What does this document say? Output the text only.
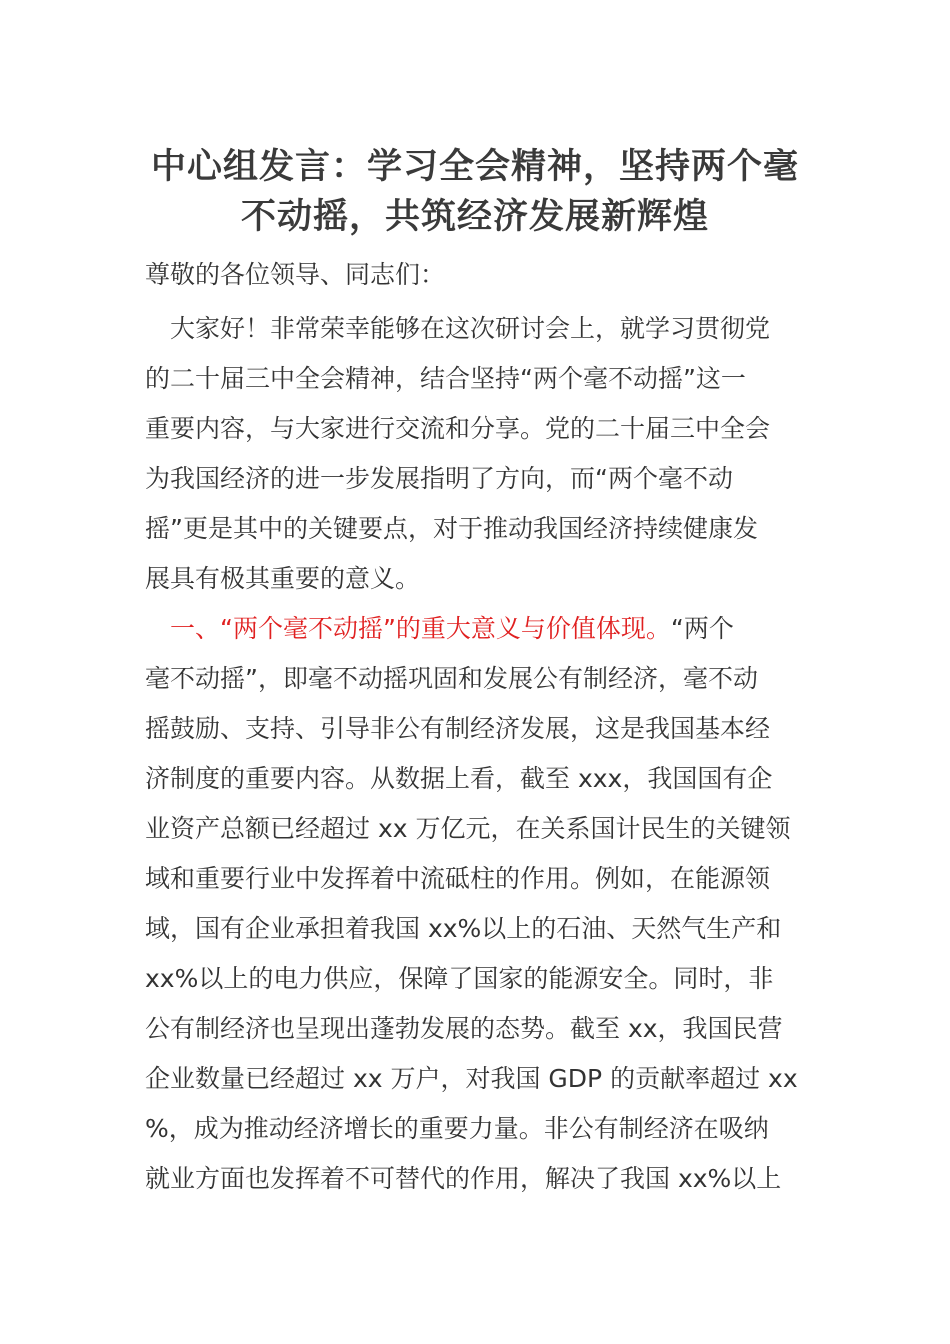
中心组发言：学习全会精神，坚持两个毫
不动摇，共筑经济发展新辉煌
尊敬的各位领导、同志们：
大家好！非常荣幸能够在这次研讨会上，就学习贯彻党
的二十届三中全会精神，结合坚持“两个毫不动摇”这一
重要内容，与大家进行交流和分享。党的二十届三中全会
为我国经济的进一步发展指明了方向，而“两个毫不动
摇”更是其中的关键要点，对于推动我国经济持续健康发
展具有极其重要的意义。
一、“两个毫不动摇”的重大意义与价值体现。“两个
毫不动摇”，即毫不动摇巩固和发展公有制经济，毫不动
摇鼓励、支持、引导非公有制经济发展，这是我国基本经
济制度的重要内容。从数据上看，截至 xxx，我国国有企
业资产总额已经超过 xx 万亿元，在关系国计民生的关键领
域和重要行业中发挥着中流砥柱的作用。例如，在能源领
域，国有企业承担着我国 xx%以上的石油、天然气生产和
xx%以上的电力供应，保障了国家的能源安全。同时，非
公有制经济也呈现出蓬勃发展的态势。截至 xx，我国民营
企业数量已经超过 xx 万户，对我国 GDP 的贡献率超过 xx
%，成为推动经济增长的重要力量。非公有制经济在吸纳
就业方面也发挥着不可替代的作用，解决了我国 xx%以上
